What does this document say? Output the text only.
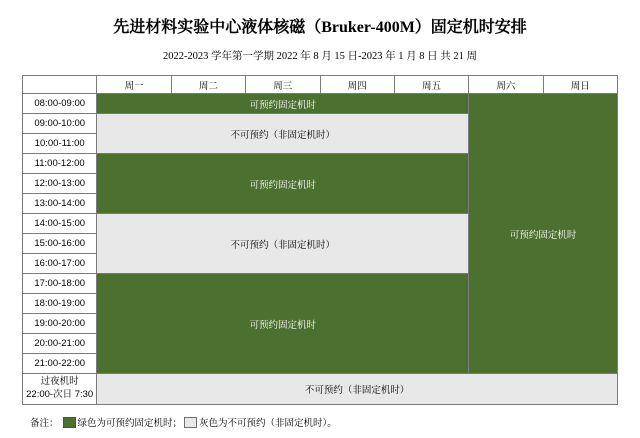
先进材料实验中心液体核磁（Bruker-400M）固定机时安排
2022-2023 学年第一学期 2022 年 8 月 15 日-2023 年 1 月 8 日 共 21 周
	周一	周二	周三	周四	周五	周六	周日
08:00-09:00	可预约固定机时					可预约固定机时	
09:00-10:00	不可预约（非固定机时）						
10:00-11:00							
11:00-12:00	可预约固定机时						
12:00-13:00							
13:00-14:00							
14:00-15:00	不可预约（非固定机时）						
15:00-16:00							
16:00-17:00							
17:00-18:00	可预约固定机时						
18:00-19:00							
19:00-20:00							
20:00-21:00							
21:00-22:00							

过夜机时
22:00-次日 7:30	不可预约（非固定机时）						
备注： 绿色为可预约固定机时； 灰色为不可预约（非固定机时）。
